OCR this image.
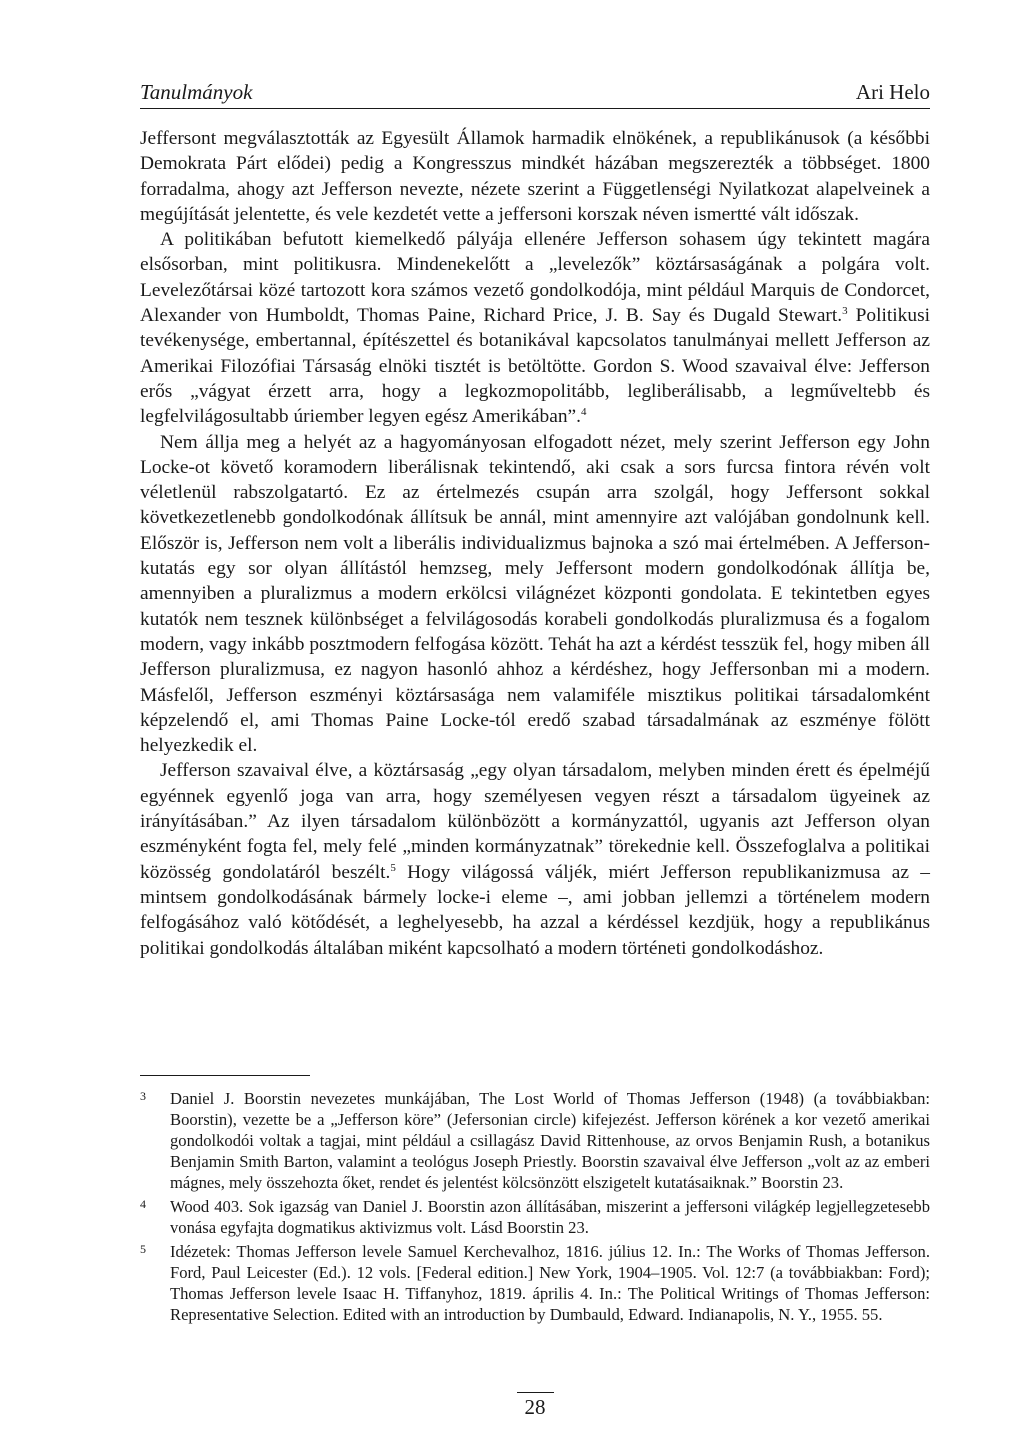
Tanulmányok	Ari Helo

Jeffersont megválasztották az Egyesült Államok harmadik elnökének, a republikánusok (a későbbi Demokrata Párt elődei) pedig a Kongresszus mindkét házában megszerezték a többséget. 1800 forradalma, ahogy azt Jefferson nevezte, nézete szerint a Függetlenségi Nyilatkozat alapelveinek a megújítását jelentette, és vele kezdetét vette a jeffersoni korszak néven ismertté vált időszak.

A politikában befutott kiemelkedő pályája ellenére Jefferson sohasem úgy tekintett magára elsősorban, mint politikusra. Mindenekelőtt a „levelezők” köztársaságának a polgára volt. Levelezőtársai közé tartozott kora számos vezető gondolkodója, mint például Marquis de Condorcet, Alexander von Humboldt, Thomas Paine, Richard Price, J. B. Say és Dugald Stewart.$^3$ Politikusi tevékenysége, embertannal, építészettel és botanikával kapcsolatos tanulmányai mellett Jefferson az Amerikai Filozófiai Társaság elnöki tisztét is betöltötte. Gordon S. Wood szavaival élve: Jefferson erős „vágyat érzett arra, hogy a legkozmopolitább, legliberálisabb, a legműveltebb és legfelvilágosultabb úriember legyen egész Amerikában”.$^4$

Nem állja meg a helyét az a hagyományosan elfogadott nézet, mely szerint Jefferson egy John Locke-ot követő koramodern liberálisnak tekintendő, aki csak a sors furcsa fintora révén volt véletlenül rabszolgatartó. Ez az értelmezés csupán arra szolgál, hogy Jeffersont sokkal következetlenebb gondolkodónak állítsuk be annál, mint amennyire azt valójában gondolnunk kell. Először is, Jefferson nem volt a liberális individualizmus bajnoka a szó mai értelmében. A Jefferson-kutatás egy sor olyan állítástól hemzseg, mely Jeffersont modern gondolkodónak állítja be, amennyiben a pluralizmus a modern erkölcsi világnézet központi gondolata. E tekintetben egyes kutatók nem tesznek különbséget a felvilágosodás korabeli gondolkodás pluralizmusa és a fogalom modern, vagy inkább posztmodern felfogása között. Tehát ha azt a kérdést tesszük fel, hogy miben áll Jefferson pluralizmusa, ez nagyon hasonló ahhoz a kérdéshez, hogy Jeffersonban mi a modern. Másfelől, Jefferson eszményi köztársasága nem valamiféle misztikus politikai társadalomként képzelendő el, ami Thomas Paine Locke-tól eredő szabad társadalmának az eszménye fölött helyezkedik el.

Jefferson szavaival élve, a köztársaság „egy olyan társadalom, melyben minden érett és épelméjű egyénnek egyenlő joga van arra, hogy személyesen vegyen részt a társadalom ügyeinek az irányításában.” Az ilyen társadalom különbözött a kormányzattól, ugyanis azt Jefferson olyan eszményként fogta fel, mely felé „minden kormányzatnak” törekednie kell. Összefoglalva a politikai közösség gondolatáról beszélt.$^5$ Hogy világossá váljék, miért Jefferson republikanizmusa az – mintsem gondolkodásának bármely locke-i eleme –, ami jobban jellemzi a történelem modern felfogásához való kötődését, a leghelyesebb, ha azzal a kérdéssel kezdjük, hogy a republikánus politikai gondolkodás általában miként kapcsolható a modern történeti gondolkodáshoz.

3 Daniel J. Boorstin nevezetes munkájában, The Lost World of Thomas Jefferson (1948) (a továbbiakban: Boorstin), vezette be a „Jefferson köre” (Jefersonian circle) kifejezést. Jefferson körének a kor vezető amerikai gondolkodói voltak a tagjai, mint például a csillagász David Rittenhouse, az orvos Benjamin Rush, a botanikus Benjamin Smith Barton, valamint a teológus Joseph Priestly. Boorstin szavaival élve Jefferson „volt az az emberi mágnes, mely összehozta őket, rendet és jelentést kölcsönzött elszigetelt kutatásaiknak.” Boorstin 23.
4 Wood 403. Sok igazság van Daniel J. Boorstin azon állításában, miszerint a jeffersoni világkép legjellegzetesebb vonása egyfajta dogmatikus aktivizmus volt. Lásd Boorstin 23.
5 Idézetek: Thomas Jefferson levele Samuel Kerchevalhoz, 1816. július 12. In.: The Works of Thomas Jefferson. Ford, Paul Leicester (Ed.). 12 vols. [Federal edition.] New York, 1904–1905. Vol. 12:7 (a továbbiakban: Ford); Thomas Jefferson levele Isaac H. Tiffanyhoz, 1819. április 4. In.: The Political Writings of Thomas Jefferson: Representative Selection. Edited with an introduction by Dumbauld, Edward. Indianapolis, N. Y., 1955. 55.
28
